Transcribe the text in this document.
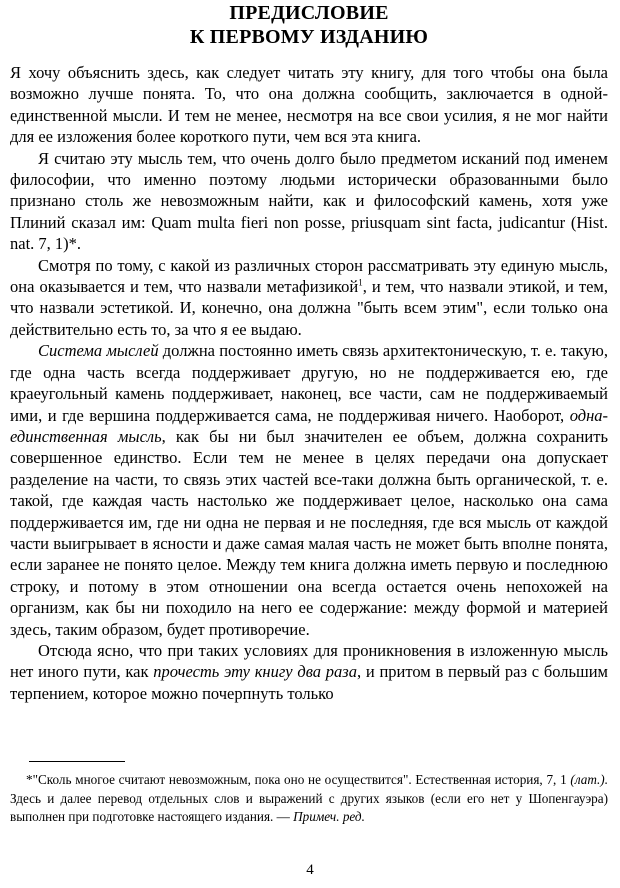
ПРЕДИСЛОВИЕ
К ПЕРВОМУ ИЗДАНИЮ

Я хочу объяснить здесь, как следует читать эту книгу, для того чтобы она была возможно лучше понята. То, что она должна сообщить, заключается в одной-единственной мысли. И тем не менее, несмотря на все свои усилия, я не мог найти для ее изложения более короткого пути, чем вся эта книга.

Я считаю эту мысль тем, что очень долго было предметом исканий под именем философии, что именно поэтому людьми исторически образованными было признано столь же невозможным найти, как и философский камень, хотя уже Плиний сказал им: Quam multa fieri non posse, priusquam sint facta, judicantur (Hist. nat. 7, 1)*.

Смотря по тому, с какой из различных сторон рассматривать эту единую мысль, она оказывается и тем, что назвали метафизикой$^1$, и тем, что назвали этикой, и тем, что назвали эстетикой. И, конечно, она должна "быть всем этим", если только она действительно есть то, за что я ее выдаю.

Система мыслей должна постоянно иметь связь архитектоническую, т. е. такую, где одна часть всегда поддерживает другую, но не поддерживается ею, где краеугольный камень поддерживает, наконец, все части, сам не поддерживаемый ими, и где вершина поддерживается сама, не поддерживая ничего. Наоборот, одна-единственная мысль, как бы ни был значителен ее объем, должна сохранить совершенное единство. Если тем не менее в целях передачи она допускает разделение на части, то связь этих частей все-таки должна быть органической, т. е. такой, где каждая часть настолько же поддерживает целое, насколько она сама поддерживается им, где ни одна не первая и не последняя, где вся мысль от каждой части выигрывает в ясности и даже самая малая часть не может быть вполне понята, если заранее не понято целое. Между тем книга должна иметь первую и последнюю строку, и потому в этом отношении она всегда остается очень непохожей на организм, как бы ни походило на него ее содержание: между формой и материей здесь, таким образом, будет противоречие.

Отсюда ясно, что при таких условиях для проникновения в изложенную мысль нет иного пути, как прочесть эту книгу два раза, и притом в первый раз с большим терпением, которое можно почерпнуть только

*"Сколь многое считают невозможным, пока оно не осуществится". Естественная история, 7, 1 (лат.). Здесь и далее перевод отдельных слов и выражений с других языков (если его нет у Шопенгауэра) выполнен при подготовке настоящего издания. — Примеч. ред.

4
